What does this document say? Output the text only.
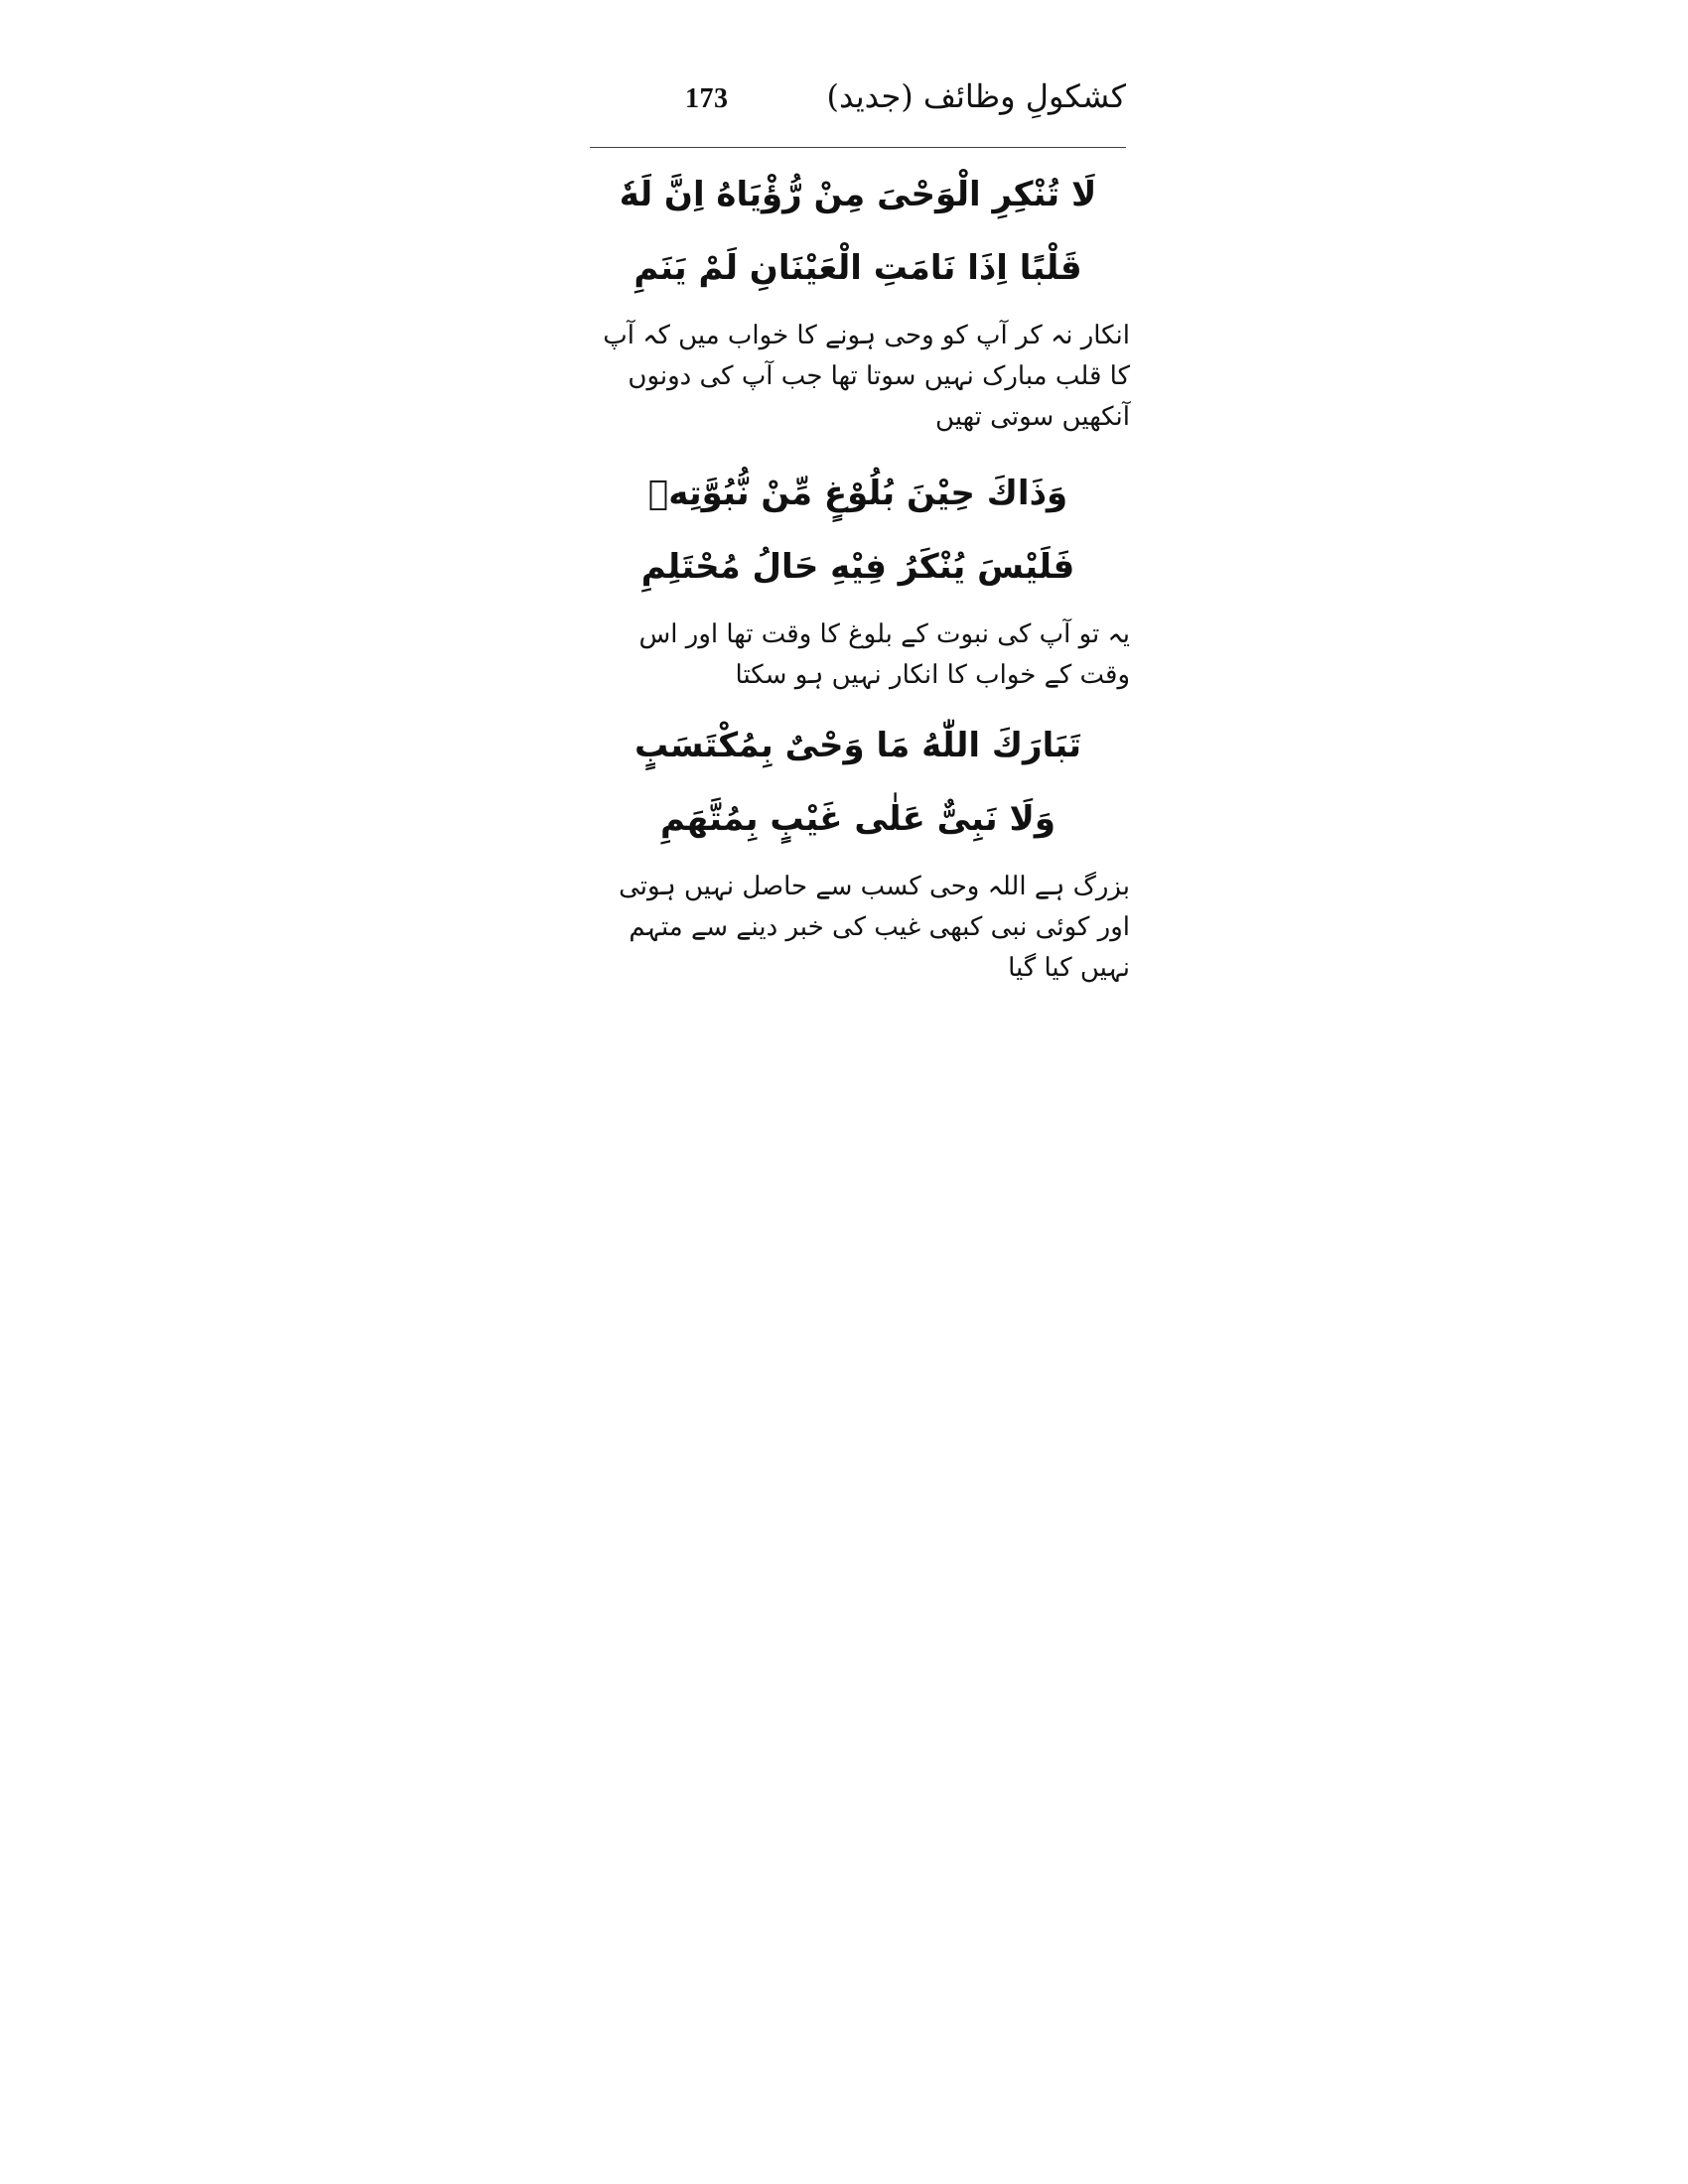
173	کشکولِ وظائف (جدید)
لَا تُنْكِرِ الْوَحْىَ مِنْ رُّؤْيَاهُ اِنَّ لَهٗ
قَلْبًا اِذَا نَامَتِ الْعَيْنَانِ لَمْ يَنَمِ
انکار نہ کر آپ کو وحی ہونے کا خواب میں کہ آپ کا قلب مبارک نہیں سوتا تھا جب آپ کی دونوں آنکھیں سوتی تھیں
وَذَاكَ حِيْنَ بُلُوْغٍ مِّنْ نُّبُوَّتِهٖ
فَلَيْسَ يُنْكَرُ فِيْهِ حَالُ مُحْتَلِمِ
یہ تو آپ کی نبوت کے بلوغ کا وقت تھا اور اس وقت کے خواب کا انکار نہیں ہو سکتا
تَبَارَكَ اللّٰهُ مَا وَحْىٌ بِمُكْتَسَبٍ
وَلَا نَبِىٌّ عَلٰى غَيْبٍ بِمُتَّهَمِ
بزرگ ہے اللہ وحی کسب سے حاصل نہیں ہوتی اور کوئی نبی کبھی غیب کی خبر دینے سے متہم نہیں کیا گیا
